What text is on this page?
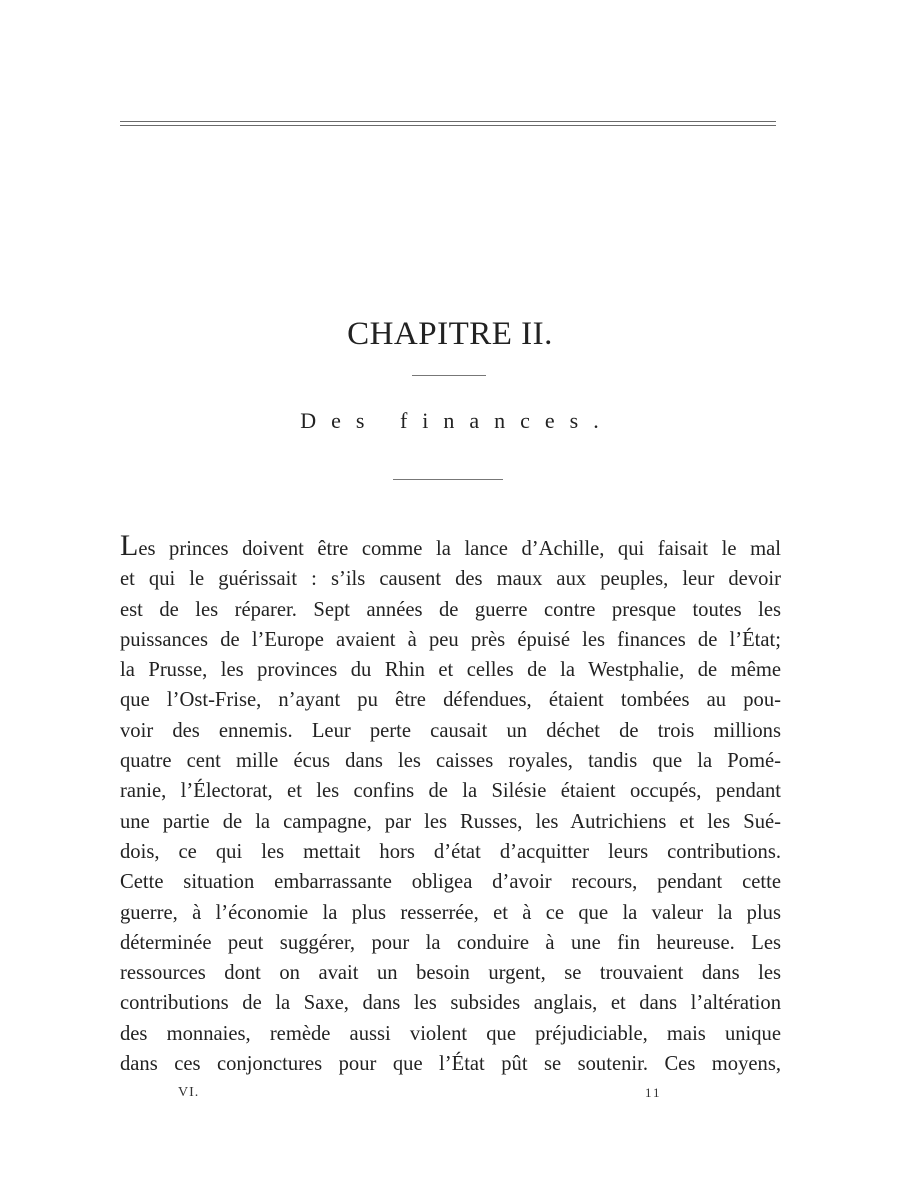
CHAPITRE II.
Des finances.
Les princes doivent être comme la lance d’Achille, qui faisait le mal
et qui le guérissait : s’ils causent des maux aux peuples, leur devoir
est de les réparer. Sept années de guerre contre presque toutes les
puissances de l’Europe avaient à peu près épuisé les finances de l’État;
la Prusse, les provinces du Rhin et celles de la Westphalie, de même
que l’Ost-Frise, n’ayant pu être défendues, étaient tombées au pou-
voir des ennemis. Leur perte causait un déchet de trois millions
quatre cent mille écus dans les caisses royales, tandis que la Pomé-
ranie, l’Électorat, et les confins de la Silésie étaient occupés, pendant
une partie de la campagne, par les Russes, les Autrichiens et les Sué-
dois, ce qui les mettait hors d’état d’acquitter leurs contributions.
Cette situation embarrassante obligea d’avoir recours, pendant cette
guerre, à l’économie la plus resserrée, et à ce que la valeur la plus
déterminée peut suggérer, pour la conduire à une fin heureuse. Les
ressources dont on avait un besoin urgent, se trouvaient dans les
contributions de la Saxe, dans les subsides anglais, et dans l’altération
des monnaies, remède aussi violent que préjudiciable, mais unique
dans ces conjonctures pour que l’État pût se soutenir. Ces moyens,
VI.	11
